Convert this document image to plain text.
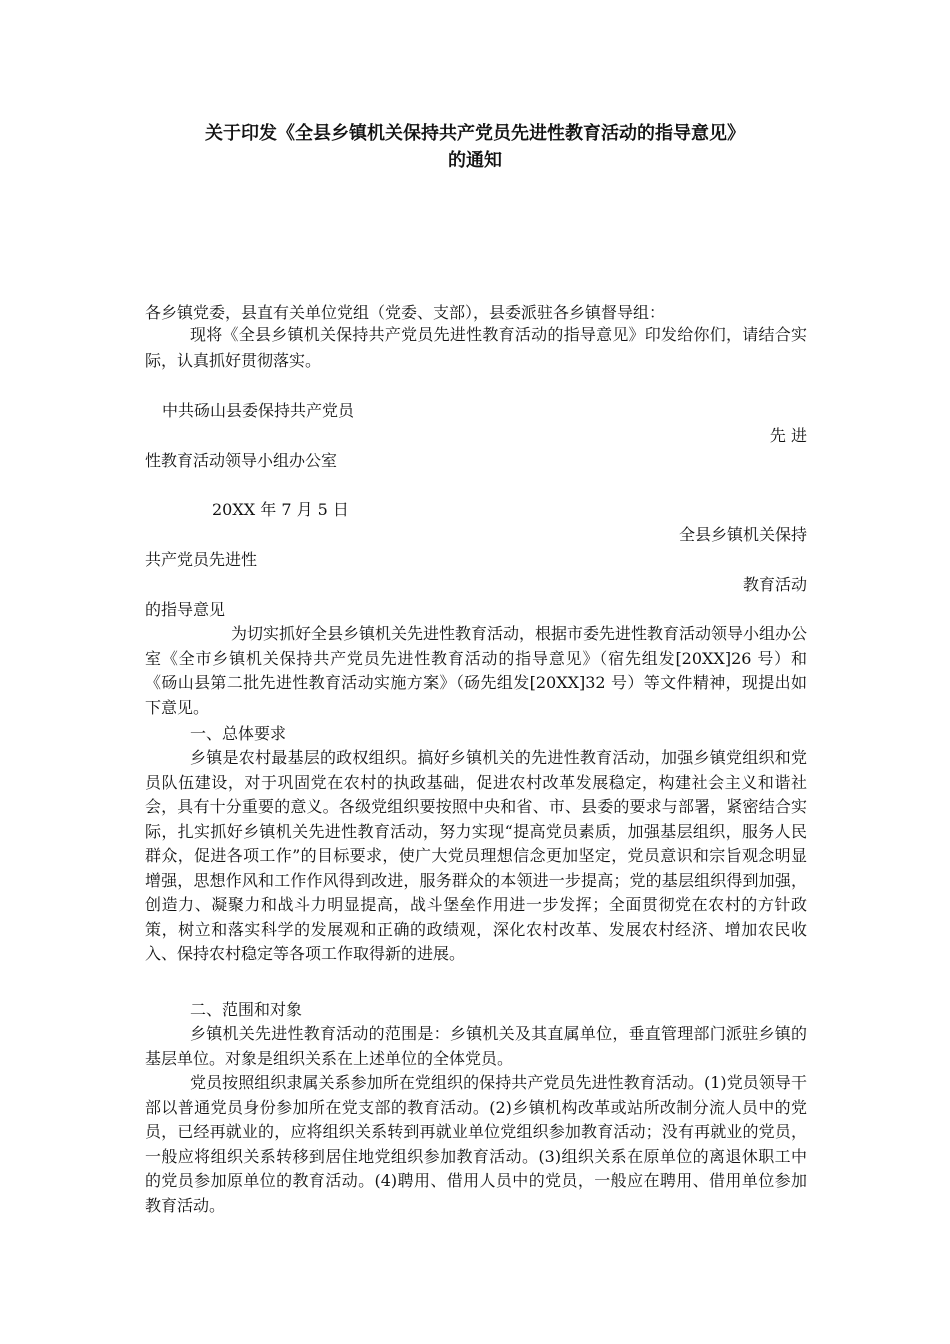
关于印发《全县乡镇机关保持共产党员先进性教育活动的指导意见》
的通知
各乡镇党委，县直有关单位党组（党委、支部），县委派驻各乡镇督导组：
现将《全县乡镇机关保持共产党员先进性教育活动的指导意见》印发给你们，请结合实际，认真抓好贯彻落实。
中共砀山县委保持共产党员
先 进
性教育活动领导小组办公室
20XX 年 7 月 5 日
全县乡镇机关保持
共产党员先进性
教育活动
的指导意见
为切实抓好全县乡镇机关先进性教育活动，根据市委先进性教育活动领导小组办公室《全市乡镇机关保持共产党员先进性教育活动的指导意见》（宿先组发[20XX]26 号）和《砀山县第二批先进性教育活动实施方案》（砀先组发[20XX]32 号）等文件精神，现提出如下意见。
一、总体要求
乡镇是农村最基层的政权组织。搞好乡镇机关的先进性教育活动，加强乡镇党组织和党员队伍建设，对于巩固党在农村的执政基础，促进农村改革发展稳定，构建社会主义和谐社会，具有十分重要的意义。各级党组织要按照中央和省、市、县委的要求与部署，紧密结合实际，扎实抓好乡镇机关先进性教育活动，努力实现“提高党员素质，加强基层组织，服务人民群众，促进各项工作”的目标要求，使广大党员理想信念更加坚定，党员意识和宗旨观念明显增强，思想作风和工作作风得到改进，服务群众的本领进一步提高；党的基层组织得到加强，创造力、凝聚力和战斗力明显提高，战斗堡垒作用进一步发挥；全面贯彻党在农村的方针政策，树立和落实科学的发展观和正确的政绩观，深化农村改革、发展农村经济、增加农民收入、保持农村稳定等各项工作取得新的进展。
二、范围和对象
乡镇机关先进性教育活动的范围是：乡镇机关及其直属单位，垂直管理部门派驻乡镇的基层单位。对象是组织关系在上述单位的全体党员。
党员按照组织隶属关系参加所在党组织的保持共产党员先进性教育活动。(1)党员领导干部以普通党员身份参加所在党支部的教育活动。(2)乡镇机构改革或站所改制分流人员中的党员，已经再就业的，应将组织关系转到再就业单位党组织参加教育活动；没有再就业的党员，一般应将组织关系转移到居住地党组织参加教育活动。(3)组织关系在原单位的离退休职工中的党员参加原单位的教育活动。(4)聘用、借用人员中的党员，一般应在聘用、借用单位参加教育活动。
